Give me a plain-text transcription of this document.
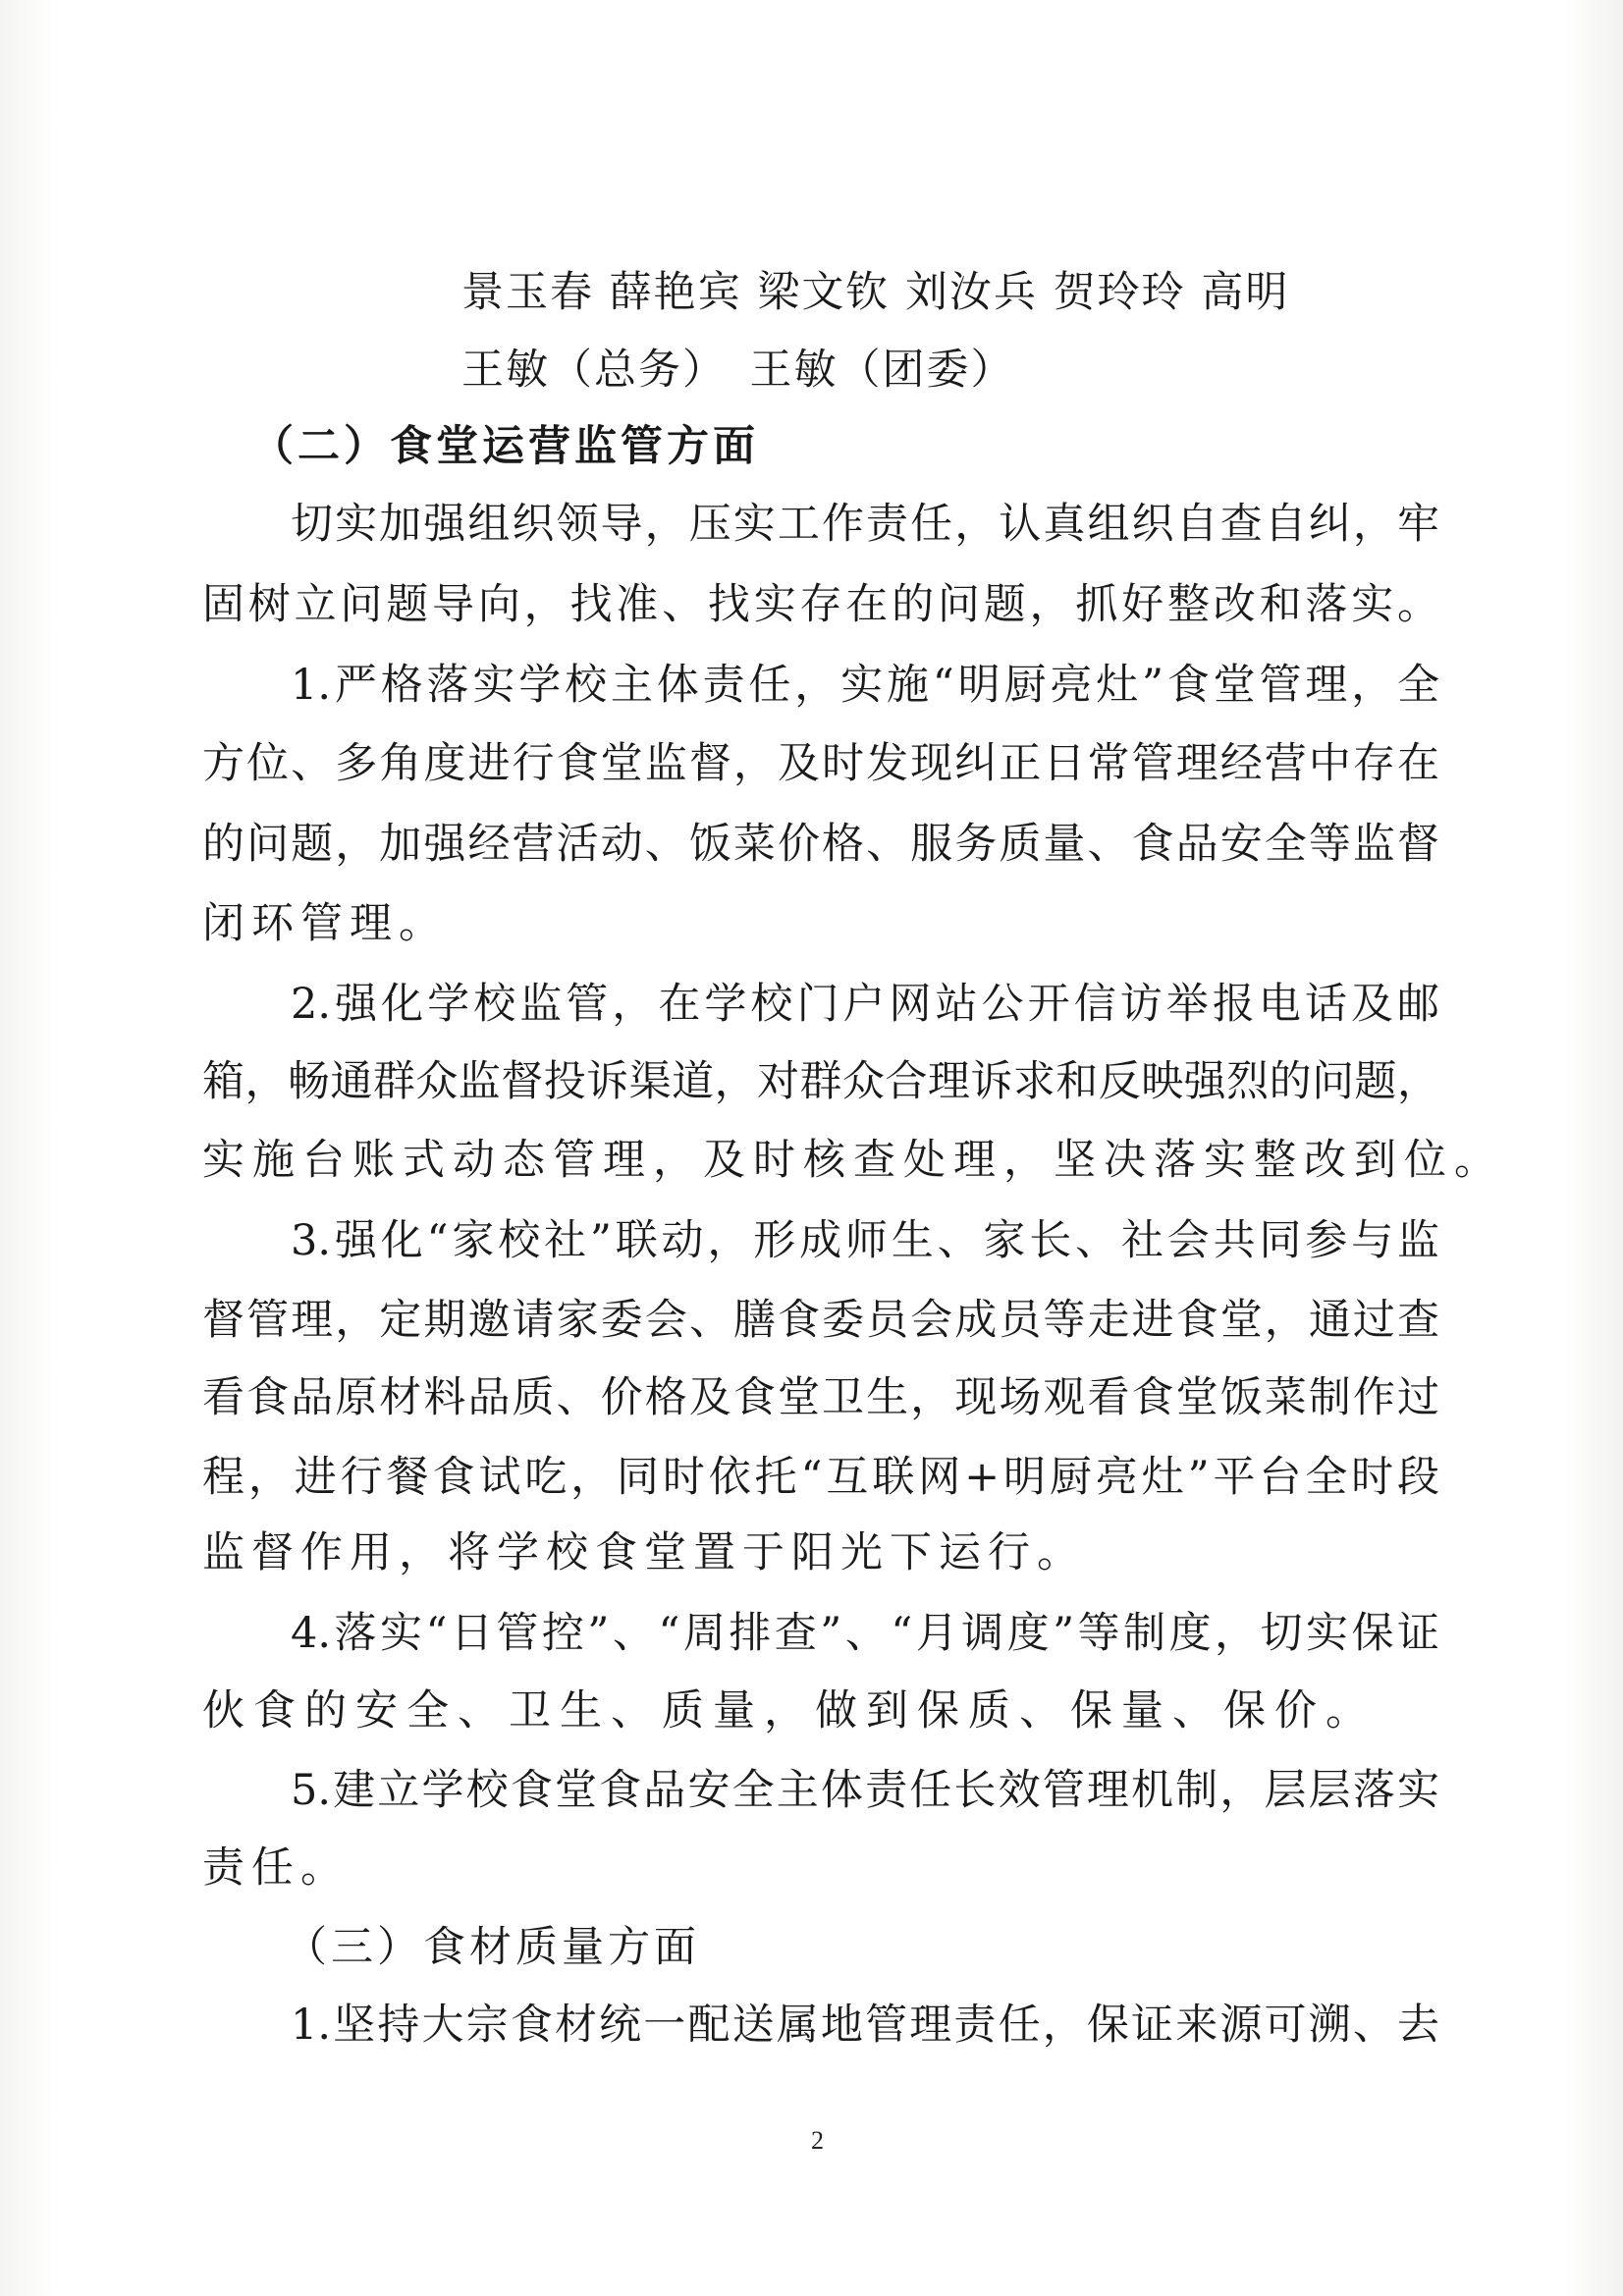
景玉春 薛艳宾 梁文钦 刘汝兵 贺玲玲 高明
王敏（总务）　王敏（团委）
（二）食堂运营监管方面
切实加强组织领导，压实工作责任，认真组织自查自纠，牢
固树立问题导向，找准、找实存在的问题，抓好整改和落实。
1.严格落实学校主体责任，实施“明厨亮灶”食堂管理，全
方位、多角度进行食堂监督，及时发现纠正日常管理经营中存在
的问题，加强经营活动、饭菜价格、服务质量、食品安全等监督
闭环管理。
2.强化学校监管，在学校门户网站公开信访举报电话及邮
箱，畅通群众监督投诉渠道，对群众合理诉求和反映强烈的问题，
实施台账式动态管理，及时核查处理，坚决落实整改到位。
3.强化“家校社”联动，形成师生、家长、社会共同参与监
督管理，定期邀请家委会、膳食委员会成员等走进食堂，通过查
看食品原材料品质、价格及食堂卫生，现场观看食堂饭菜制作过
程，进行餐食试吃，同时依托“互联网+明厨亮灶”平台全时段
监督作用，将学校食堂置于阳光下运行。
4.落实“日管控”、“周排查”、“月调度”等制度，切实保证
伙食的安全、卫生、质量，做到保质、保量、保价。
5.建立学校食堂食品安全主体责任长效管理机制，层层落实
责任。
（三）食材质量方面
1.坚持大宗食材统一配送属地管理责任，保证来源可溯、去
2
